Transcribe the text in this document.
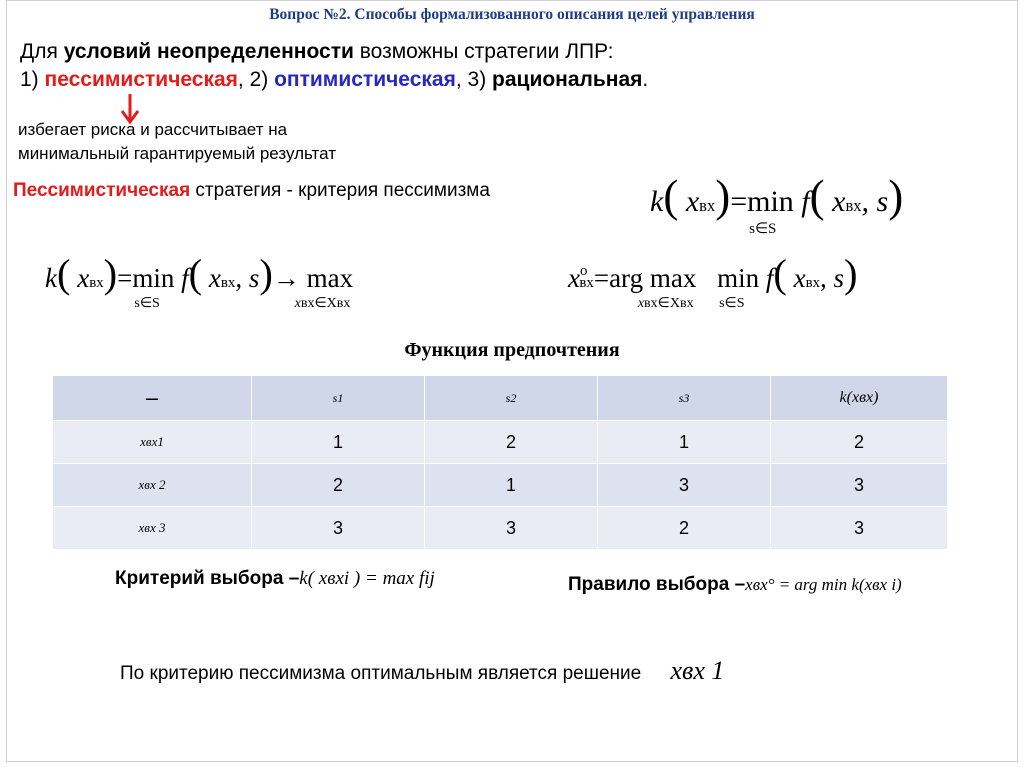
Вопрос №2. Способы формализованного описания целей управления
Для условий неопределенности возможны стратегии ЛПР:
1) пессимистическая, 2) оптимистическая, 3) рациональная.
избегает риска и рассчитывает на
минимальный гарантируемый результат
Пессимистическая стратегия - критерия пессимизма	k( xвх)=min
s∈S
f( xвх, s)
k( xвх)=min
s∈S
f( xвх, s)→ max
xвх∈Xвх
$x^oвх=arg$ max
xвх∈Xвх
min
s∈S
f( xвх, s)
Функция предпочтения
–	s1	s2	s3	k(xвх)
xвх1	1	2	1	2
xвх 2	2	1	3	3
xвх 3	3	3	2	3
Критерий выбора –k( xвхi ) = max fij	Правило выбора –xвх° = arg min k(xвх i)
По критерию пессимизма оптимальным является решение xвх 1
